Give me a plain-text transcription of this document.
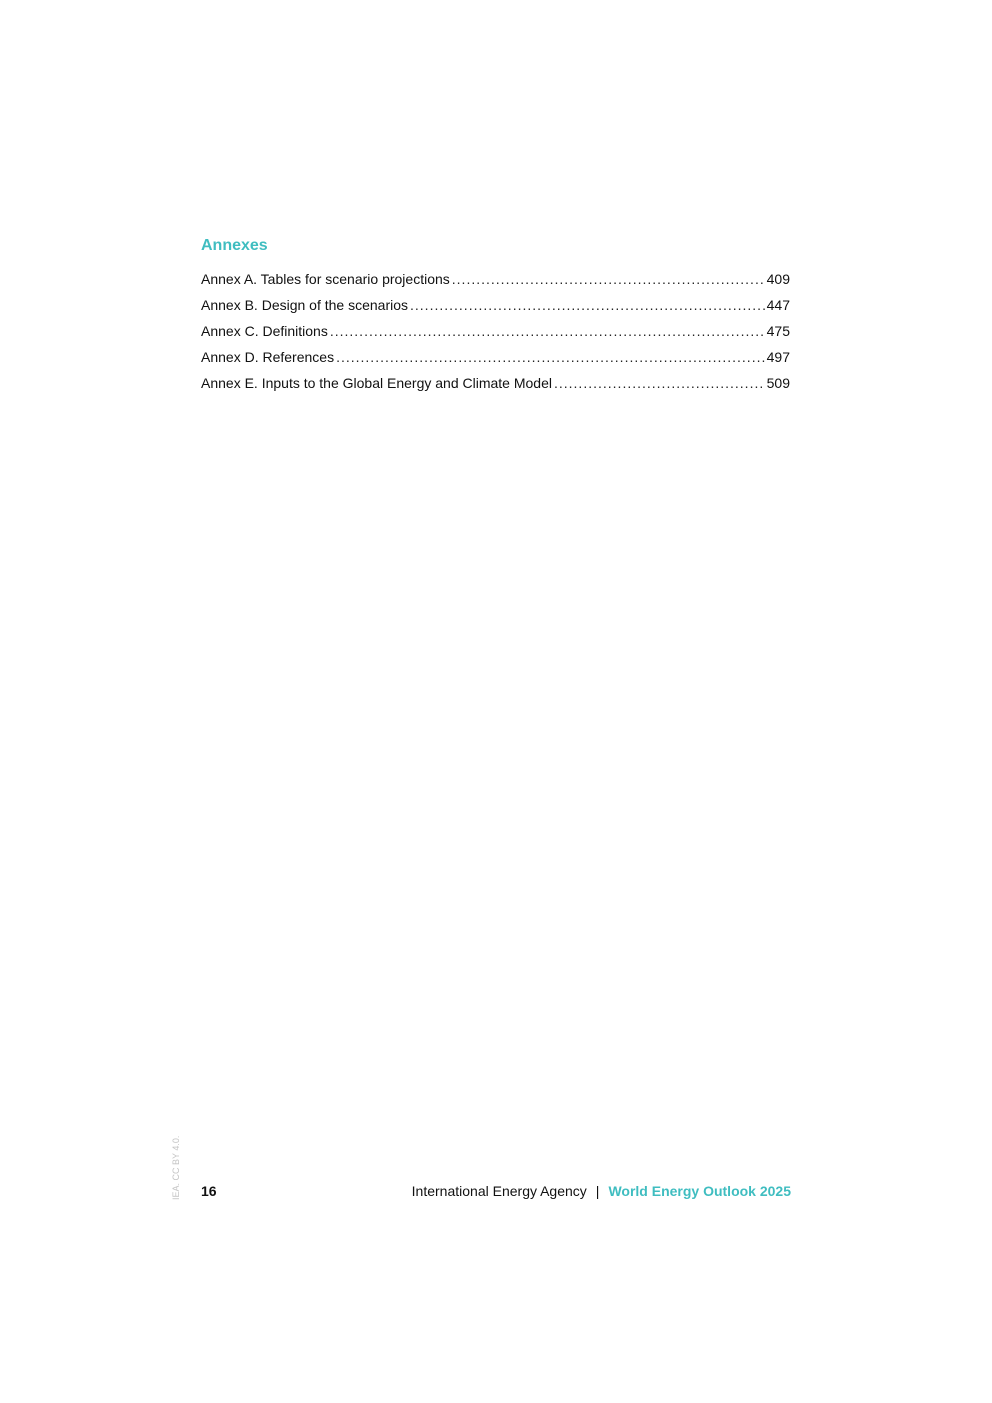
Annexes
Annex A. Tables for scenario projections .....	409
Annex B. Design of the scenarios .....	447
Annex C. Definitions .....	475
Annex D. References .....	497
Annex E. Inputs to the Global Energy and Climate Model .....	509
IEA. CC BY 4.0. 16	International Energy Agency | World Energy Outlook 2025
